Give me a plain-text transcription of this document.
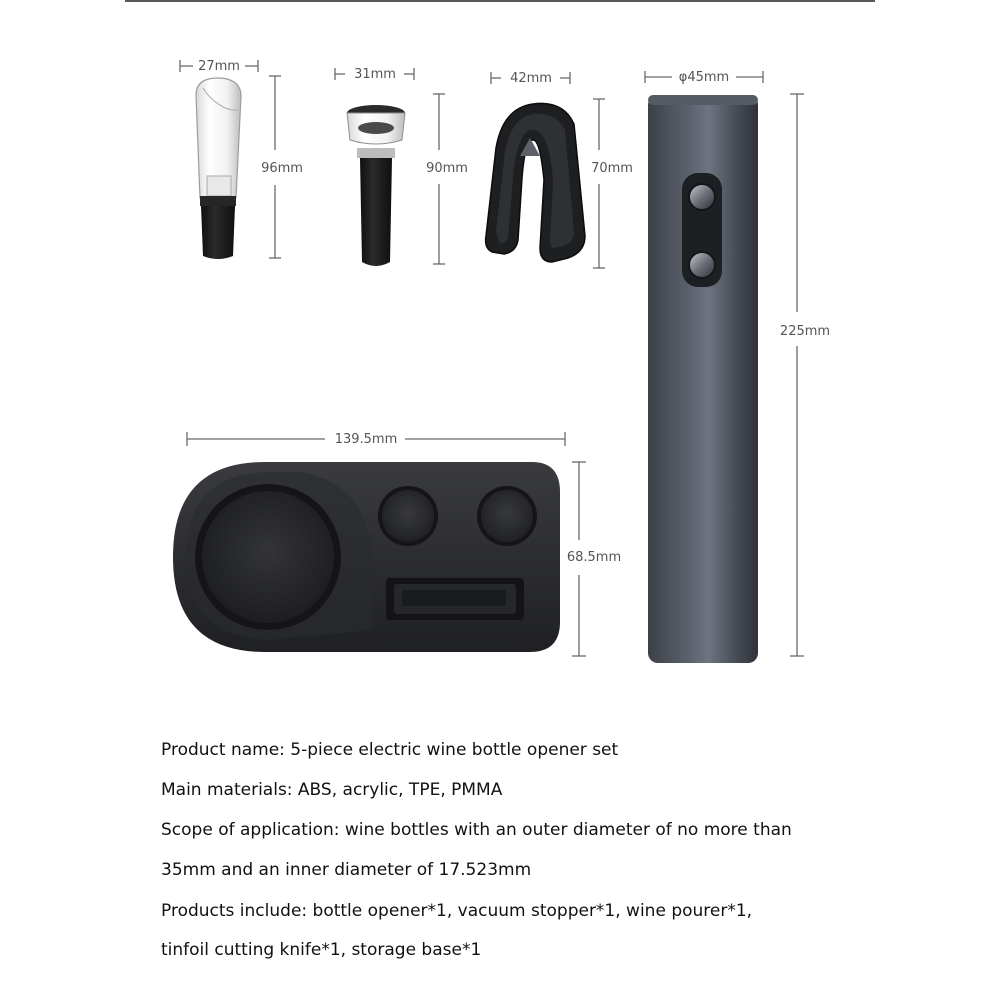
27mm
96mm
31mm
90mm
42mm
70mm
φ45mm
225mm
139.5mm
68.5mm

Product name: 5-piece electric wine bottle opener set

Main materials: ABS, acrylic, TPE, PMMA

Scope of application: wine bottles with an outer diameter of no more than

35mm and an inner diameter of 17.523mm

Products include: bottle opener*1, vacuum stopper*1, wine pourer*1,

tinfoil cutting knife*1, storage base*1
